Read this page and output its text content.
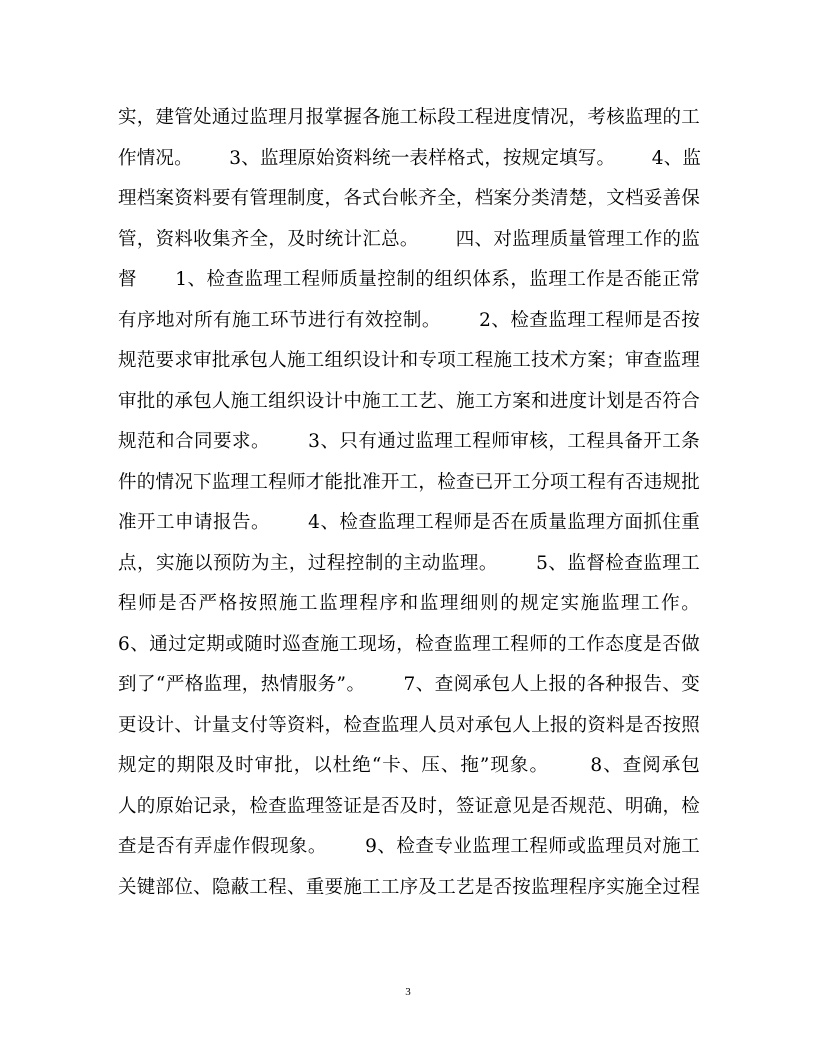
实，建管处通过监理月报掌握各施工标段工程进度情况，考核监理的工
作情况。      3、监理原始资料统一表样格式，按规定填写。      4、监
理档案资料要有管理制度，各式台帐齐全，档案分类清楚，文档妥善保
管，资料收集齐全，及时统计汇总。      四、对监理质量管理工作的监
督      1、检查监理工程师质量控制的组织体系，监理工作是否能正常
有序地对所有施工环节进行有效控制。      2、检查监理工程师是否按
规范要求审批承包人施工组织设计和专项工程施工技术方案；审查监理
审批的承包人施工组织设计中施工工艺、施工方案和进度计划是否符合
规范和合同要求。      3、只有通过监理工程师审核，工程具备开工条
件的情况下监理工程师才能批准开工，检查已开工分项工程有否违规批
准开工申请报告。      4、检查监理工程师是否在质量监理方面抓住重
点，实施以预防为主，过程控制的主动监理。      5、监督检查监理工
程师是否严格按照施工监理程序和监理细则的规定实施监理工作。
6、通过定期或随时巡查施工现场，检查监理工程师的工作态度是否做
到了“严格监理，热情服务”。      7、查阅承包人上报的各种报告、变
更设计、计量支付等资料，检查监理人员对承包人上报的资料是否按照
规定的期限及时审批，以杜绝“卡、压、拖”现象。      8、查阅承包
人的原始记录，检查监理签证是否及时，签证意见是否规范、明确，检
查是否有弄虚作假现象。      9、检查专业监理工程师或监理员对施工
关键部位、隐蔽工程、重要施工工序及工艺是否按监理程序实施全过程
3
